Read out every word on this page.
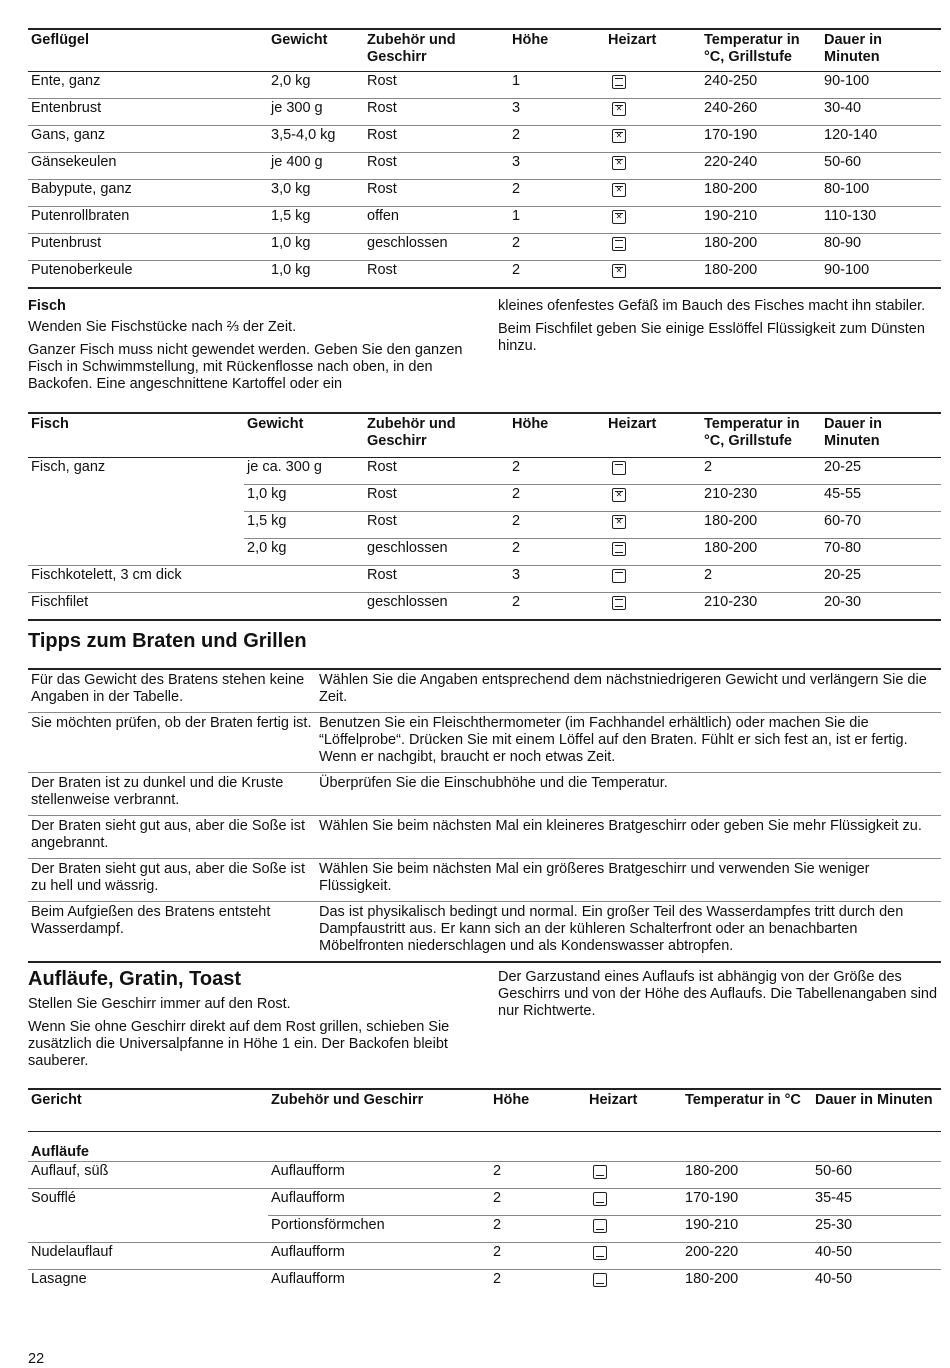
Geflügel	Gewicht	Zubehör und Geschirr	Höhe	Heizart	Temperatur in °C, Grillstufe	Dauer in Minuten
Ente, ganz	2,0 kg	Rost	1		240-250	90-100
Entenbrust	je 300 g	Rost	3	✕	240-260	30-40
Gans, ganz	3,5-4,0 kg	Rost	2	✕	170-190	120-140
Gänsekeulen	je 400 g	Rost	3	✕	220-240	50-60
Babypute, ganz	3,0 kg	Rost	2	✕	180-200	80-100
Putenrollbraten	1,5 kg	offen	1	✕	190-210	110-130
Putenbrust	1,0 kg	geschlossen	2		180-200	80-90
Putenoberkeule	1,0 kg	Rost	2	✕	180-200	90-100

Fisch

Wenden Sie Fischstücke nach ⅔ der Zeit.

Ganzer Fisch muss nicht gewendet werden. Geben Sie den ganzen Fisch in Schwimmstellung, mit Rückenflosse nach oben, in den Backofen. Eine angeschnittene Kartoffel oder ein

kleines ofenfestes Gefäß im Bauch des Fisches macht ihn stabiler.

Beim Fischfilet geben Sie einige Esslöffel Flüssigkeit zum Dünsten hinzu.

Fisch	Gewicht	Zubehör und Geschirr	Höhe	Heizart	Temperatur in °C, Grillstufe	Dauer in Minuten
Fisch, ganz	je ca. 300 g	Rost	2		2	20-25
	1,0 kg	Rost	2	✕	210-230	45-55
	1,5 kg	Rost	2	✕	180-200	60-70
	2,0 kg	geschlossen	2		180-200	70-80
Fischkotelett, 3 cm dick		Rost	3		2	20-25
Fischfilet		geschlossen	2		210-230	20-30
Tipps zum Braten und Grillen
Für das Gewicht des Bratens stehen keine Angaben in der Tabelle.	Wählen Sie die Angaben entsprechend dem nächstniedrigeren Gewicht und verlängern Sie die Zeit.
Sie möchten prüfen, ob der Braten fertig ist.	Benutzen Sie ein Fleischthermometer (im Fachhandel erhältlich) oder machen Sie die “Löffelprobe“. Drücken Sie mit einem Löffel auf den Braten. Fühlt er sich fest an, ist er fertig. Wenn er nachgibt, braucht er noch etwas Zeit.
Der Braten ist zu dunkel und die Kruste stellenweise verbrannt.	Überprüfen Sie die Einschubhöhe und die Temperatur.
Der Braten sieht gut aus, aber die Soße ist angebrannt.	Wählen Sie beim nächsten Mal ein kleineres Bratgeschirr oder geben Sie mehr Flüssigkeit zu.
Der Braten sieht gut aus, aber die Soße ist zu hell und wässrig.	Wählen Sie beim nächsten Mal ein größeres Bratgeschirr und verwenden Sie weniger Flüssigkeit.
Beim Aufgießen des Bratens entsteht Wasserdampf.	Das ist physikalisch bedingt und normal. Ein großer Teil des Wasserdampfes tritt durch den Dampfaustritt aus. Er kann sich an der kühleren Schalterfront oder an benachbarten Möbelfronten niederschlagen und als Kondenswasser abtropfen.
Aufläufe, Gratin, Toast

Stellen Sie Geschirr immer auf den Rost.

Wenn Sie ohne Geschirr direkt auf dem Rost grillen, schieben Sie zusätzlich die Universalpfanne in Höhe 1 ein. Der Backofen bleibt sauberer.

Der Garzustand eines Auflaufs ist abhängig von der Größe des Geschirrs und von der Höhe des Auflaufs. Die Tabellenangaben sind nur Richtwerte.

Gericht	Zubehör und Geschirr	Höhe	Heizart	Temperatur in °C	Dauer in Minuten
Aufläufe					
Auflauf, süß	Auflaufform	2		180-200	50-60
Soufflé	Auflaufform	2		170-190	35-45
	Portionsförmchen	2		190-210	25-30
Nudelauflauf	Auflaufform	2		200-220	40-50
Lasagne	Auflaufform	2		180-200	40-50
22
